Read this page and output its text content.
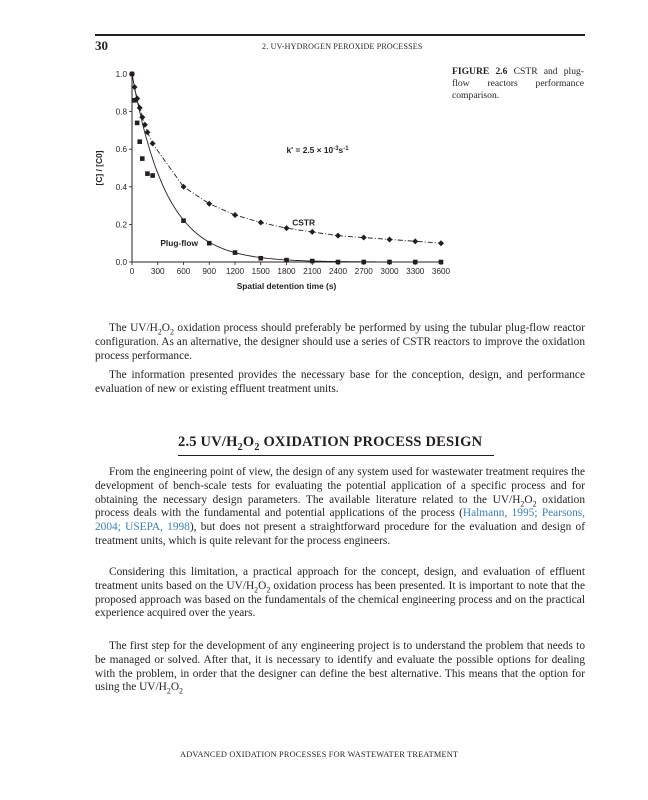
30	2. UV-HYDROGEN PEROXIDE PROCESSES
0 300 600 900 1200 1500 1800 2100 2400 2700 3000 3300 3600
0.0
0.2
0.4
0.6
0.8
1.0
Spatial detention time (s)
[C] / [C0]
CSTR
Plug-flow
$k' = 2.5 \times 10^{-3}s^{-1}$
FIGURE 2.6 CSTR and plug-flow reactors performance comparison.

The $UV/H_2O_2$ oxidation process should preferably be performed by using the tubular plug-flow reactor configuration. As an alternative, the designer should use a series of CSTR reactors to improve the oxidation process performance.

The information presented provides the necessary base for the conception, design, and performance evaluation of new or existing effluent treatment units.

2.5 $UV/H_2O_2$ OXIDATION PROCESS DESIGN

From the engineering point of view, the design of any system used for wastewater treatment requires the development of bench-scale tests for evaluating the potential application of a specific process and for obtaining the necessary design parameters. The available literature related to the $UV/H_2O_2$ oxidation process deals with the fundamental and potential applications of the process (Halmann, 1995; Pearsons, 2004; USEPA, 1998), but does not present a straightforward procedure for the evaluation and design of treatment units, which is quite relevant for the process engineers.

Considering this limitation, a practical approach for the concept, design, and evaluation of effluent treatment units based on the $UV/H_2O_2$ oxidation process has been presented. It is important to note that the proposed approach was based on the fundamentals of the chemical engineering process and on the practical experience acquired over the years.

The first step for the development of any engineering project is to understand the problem that needs to be managed or solved. After that, it is necessary to identify and evaluate the possible options for dealing with the problem, in order that the designer can define the best alternative. This means that the option for using the $UV/H_2O_2$

ADVANCED OXIDATION PROCESSES FOR WASTEWATER TREATMENT
